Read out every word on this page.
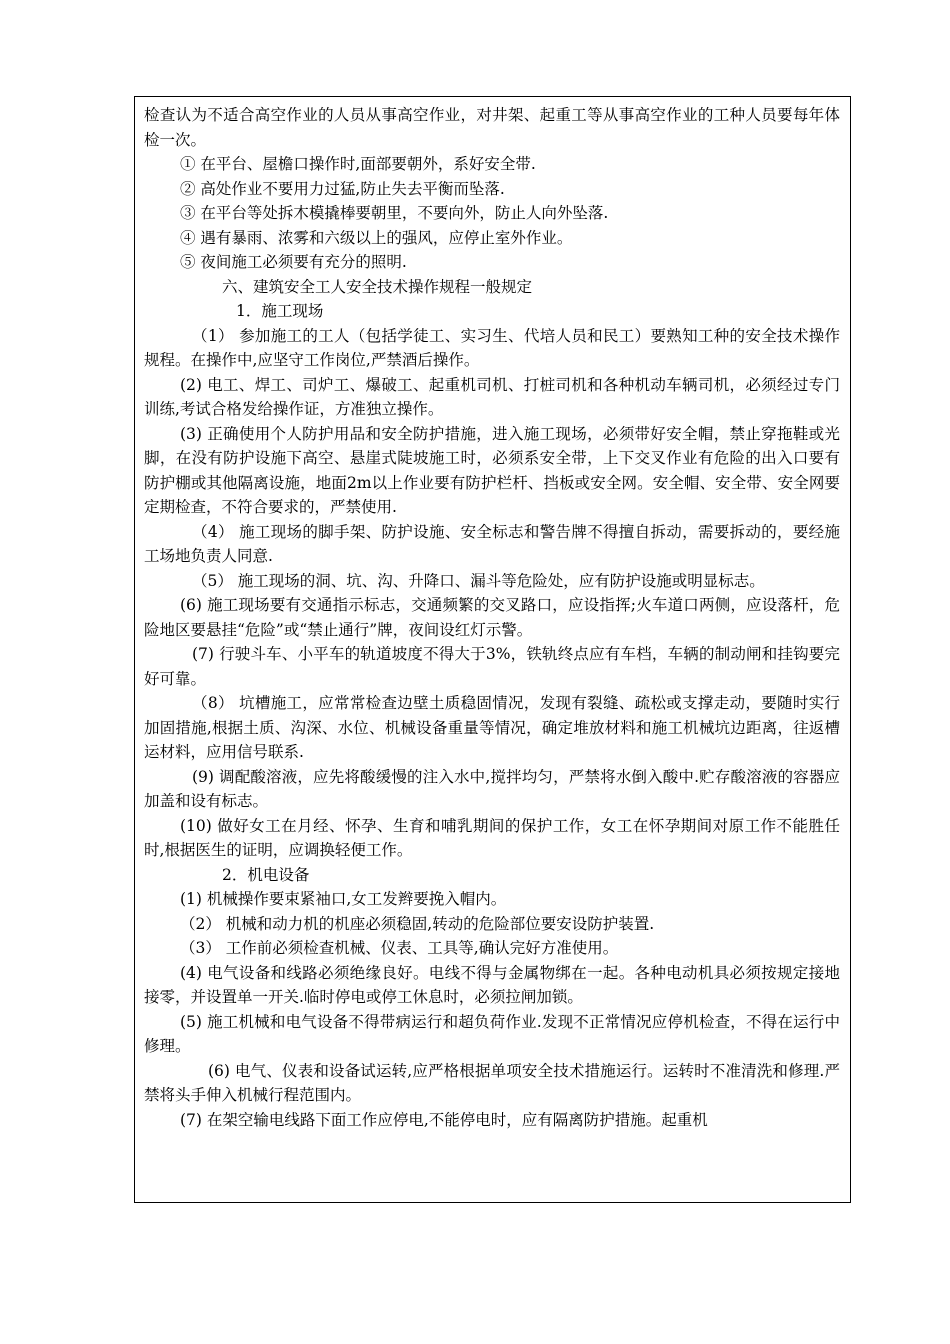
检查认为不适合高空作业的人员从事高空作业，对井架、起重工等从事高空作业的工种人员要每年体检一次。

① 在平台、屋檐口操作时,面部要朝外，系好安全带.

② 高处作业不要用力过猛,防止失去平衡而坠落.

③ 在平台等处拆木模撬棒要朝里，不要向外，防止人向外坠落.

④ 遇有暴雨、浓雾和六级以上的强风，应停止室外作业。

⑤ 夜间施工必须要有充分的照明.

六、建筑安全工人安全技术操作规程一般规定

1．施工现场

（1） 参加施工的工人（包括学徒工、实习生、代培人员和民工）要熟知工种的安全技术操作规程。在操作中,应坚守工作岗位,严禁酒后操作。

(2) 电工、焊工、司炉工、爆破工、起重机司机、打桩司机和各种机动车辆司机，必须经过专门训练,考试合格发给操作证，方准独立操作。

(3) 正确使用个人防护用品和安全防护措施，进入施工现场，必须带好安全帽，禁止穿拖鞋或光脚，在没有防护设施下高空、悬崖式陡坡施工时，必须系安全带，上下交叉作业有危险的出入口要有防护棚或其他隔离设施，地面2m以上作业要有防护栏杆、挡板或安全网。安全帽、安全带、安全网要定期检查，不符合要求的，严禁使用.

（4） 施工现场的脚手架、防护设施、安全标志和警告牌不得擅自拆动，需要拆动的，要经施工场地负责人同意.

（5） 施工现场的洞、坑、沟、升降口、漏斗等危险处，应有防护设施或明显标志。

(6) 施工现场要有交通指示标志，交通频繁的交叉路口，应设指挥;火车道口两侧，应设落杆，危险地区要悬挂“危险”或“禁止通行”牌，夜间设红灯示警。

(7) 行驶斗车、小平车的轨道坡度不得大于3%，铁轨终点应有车档，车辆的制动闸和挂钩要完好可靠。

（8） 坑槽施工，应常常检查边壁土质稳固情况，发现有裂缝、疏松或支撑走动，要随时实行加固措施,根据土质、沟深、水位、机械设备重量等情况，确定堆放材料和施工机械坑边距离，往返槽运材料，应用信号联系.

(9) 调配酸溶液，应先将酸缓慢的注入水中,搅拌均匀，严禁将水倒入酸中.贮存酸溶液的容器应加盖和设有标志。

(10) 做好女工在月经、怀孕、生育和哺乳期间的保护工作，女工在怀孕期间对原工作不能胜任时,根据医生的证明，应调换轻便工作。

2．机电设备

(1) 机械操作要束紧袖口,女工发辫要挽入帽内。

（2） 机械和动力机的机座必须稳固,转动的危险部位要安设防护装置.

（3） 工作前必须检查机械、仪表、工具等,确认完好方准使用。

(4) 电气设备和线路必须绝缘良好。电线不得与金属物绑在一起。各种电动机具必须按规定接地接零，并设置单一开关.临时停电或停工休息时，必须拉闸加锁。

(5) 施工机械和电气设备不得带病运行和超负荷作业.发现不正常情况应停机检查，不得在运行中修理。

(6) 电气、仪表和设备试运转,应严格根据单项安全技术措施运行。运转时不准清洗和修理.严禁将头手伸入机械行程范围内。

(7) 在架空输电线路下面工作应停电,不能停电时，应有隔离防护措施。起重机
